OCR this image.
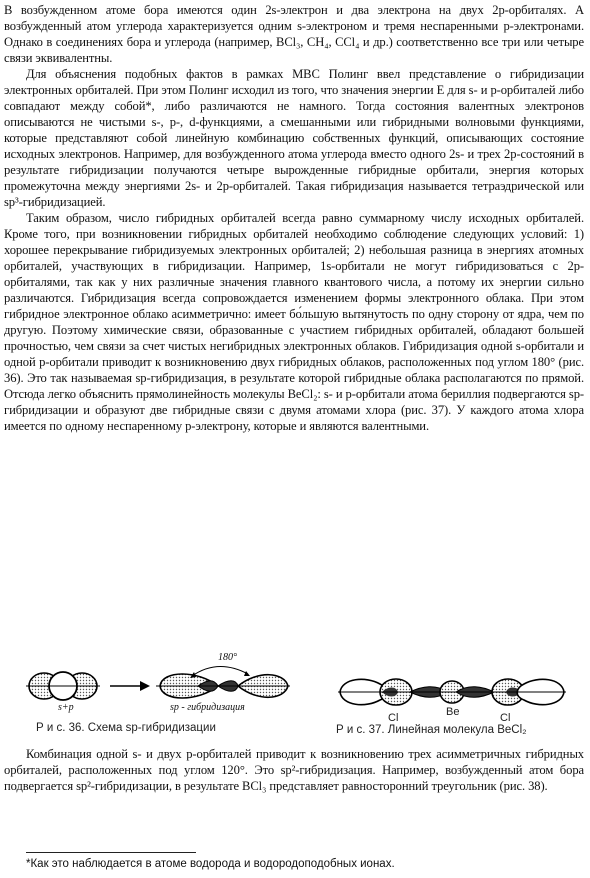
В возбужденном атоме бора имеются один 2s-электрон и два электрона на двух 2p-орбиталях. А возбужденный атом углерода характеризуется одним s-электроном и тремя неспаренными p-электронами. Однако в соединениях бора и углерода (например, BCl₃, CH₄, CCl₄ и др.) соответственно все три или четыре связи эквивалентны.

Для объяснения подобных фактов в рамках МВС Полинг ввел представление о гибридизации электронных орбиталей. При этом Полинг исходил из того, что значения энергии E для s- и p-орбиталей либо совпадают между собой*, либо различаются не намного. Тогда состояния валентных электронов описываются не чистыми s-, p-, d-функциями, а смешанными или гибридными волновыми функциями, которые представляют собой линейную комбинацию собственных функций, описывающих состояние исходных электронов. Например, для возбужденного атома углерода вместо одного 2s- и трех 2p-состояний в результате гибридизации получаются четыре вырожденные гибридные орбитали, энергия которых промежуточна между энергиями 2s- и 2p-орбиталей. Такая гибридизация называется тетраэдрической или sp³-гибридизацией.

Таким образом, число гибридных орбиталей всегда равно суммарному числу исходных орбиталей. Кроме того, при возникновении гибридных орбиталей необходимо соблюдение следующих условий: 1) хорошее перекрывание гибридизуемых электронных орбиталей; 2) небольшая разница в энергиях атомных орбиталей, участвующих в гибридизации. Например, 1s-орбитали не могут гибридизоваться с 2p-орбиталями, так как у них различные значения главного квантового числа, а потому их энергии сильно различаются. Гибридизация всегда сопровождается изменением формы электронного облака. При этом гибридное электронное облако асимметрично: имеет бо́льшую вытянутость по одну сторону от ядра, чем по другую. Поэтому химические связи, образованные с участием гибридных орбиталей, обладают большей прочностью, чем связи за счет чистых негибридных электронных облаков. Гибридизация одной s-орбитали и одной p-орбитали приводит к возникновению двух гибридных облаков, расположенных под углом 180° (рис. 36). Это так называемая sp-гибридизация, в результате которой гибридные облака располагаются по прямой. Отсюда легко объяснить прямолинейность молекулы BeCl₂: s- и p-орбитали атома бериллия подвергаются sp-гибридизации и образуют две гибридные связи с двумя атомами хлора (рис. 37). У каждого атома хлора имеется по одному неспаренному p-электрону, которые и являются валентными.

s+p	sp - гибридизация
180°
Р и с. 36. Схема sp-гибридизации
Cl	Be	Cl
Р и с. 37. Линейная молекула BeCl₂

Комбинация одной s- и двух p-орбиталей приводит к возникновению трех асимметричных гибридных орбиталей, расположенных под углом 120°. Это sp²-гибридизация. Например, возбужденный атом бора подвергается sp²-гибридизации, в результате BCl₃ представляет равносторонний треугольник (рис. 38).

*Как это наблюдается в атоме водорода и водородоподобных ионах.
